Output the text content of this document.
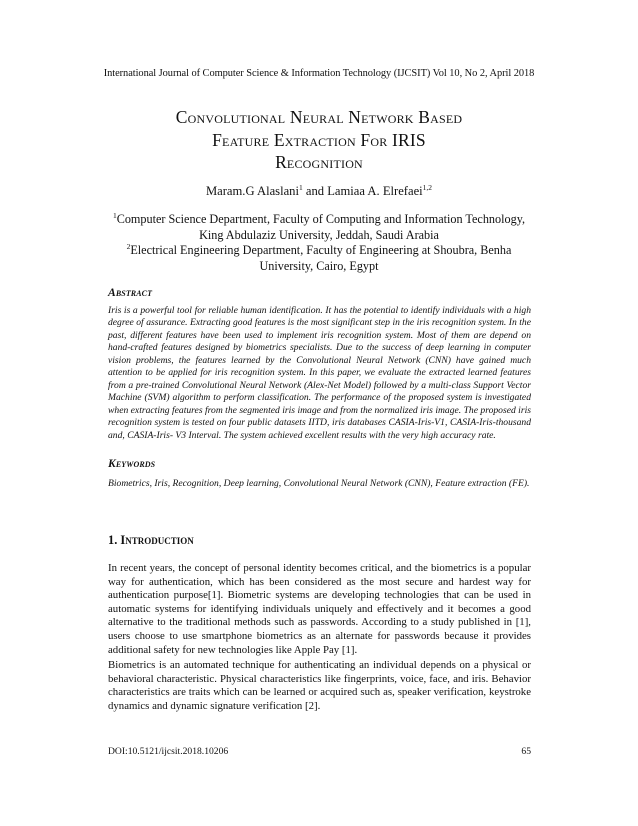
International Journal of Computer Science & Information Technology (IJCSIT) Vol 10, No 2, April 2018
Convolutional Neural Network Based
Feature Extraction For IRIS
Recognition
Maram.G Alaslani$^1$ and Lamiaa A. Elrefaei$^{1,2}$
$^1$Computer Science Department, Faculty of Computing and Information Technology,
King Abdulaziz University, Jeddah, Saudi Arabia
$^2$Electrical Engineering Department, Faculty of Engineering at Shoubra, Benha
University, Cairo, Egypt
Abstract

Iris is a powerful tool for reliable human identification. It has the potential to identify individuals with a high degree of assurance. Extracting good features is the most significant step in the iris recognition system. In the past, different features have been used to implement iris recognition system. Most of them are depend on hand-crafted features designed by biometrics specialists. Due to the success of deep learning in computer vision problems, the features learned by the Convolutional Neural Network (CNN) have gained much attention to be applied for iris recognition system. In this paper, we evaluate the extracted learned features from a pre-trained Convolutional Neural Network (Alex-Net Model) followed by a multi-class Support Vector Machine (SVM) algorithm to perform classification. The performance of the proposed system is investigated when extracting features from the segmented iris image and from the normalized iris image. The proposed iris recognition system is tested on four public datasets IITD, iris databases CASIA-Iris-V1, CASIA-Iris-thousand and, CASIA-Iris- V3 Interval. The system achieved excellent results with the very high accuracy rate.

Keywords

Biometrics, Iris, Recognition, Deep learning, Convolutional Neural Network (CNN), Feature extraction (FE).

1. Introduction

In recent years, the concept of personal identity becomes critical, and the biometrics is a popular way for authentication, which has been considered as the most secure and hardest way for authentication purpose[1]. Biometric systems are developing technologies that can be used in automatic systems for identifying individuals uniquely and effectively and it becomes a good alternative to the traditional methods such as passwords. According to a study published in [1], users choose to use smartphone biometrics as an alternate for passwords because it provides additional safety for new technologies like Apple Pay [1].

Biometrics is an automated technique for authenticating an individual depends on a physical or behavioral characteristic. Physical characteristics like fingerprints, voice, face, and iris. Behavior characteristics are traits which can be learned or acquired such as, speaker verification, keystroke dynamics and dynamic signature verification [2].

DOI:10.5121/ijcsit.2018.10206	65
